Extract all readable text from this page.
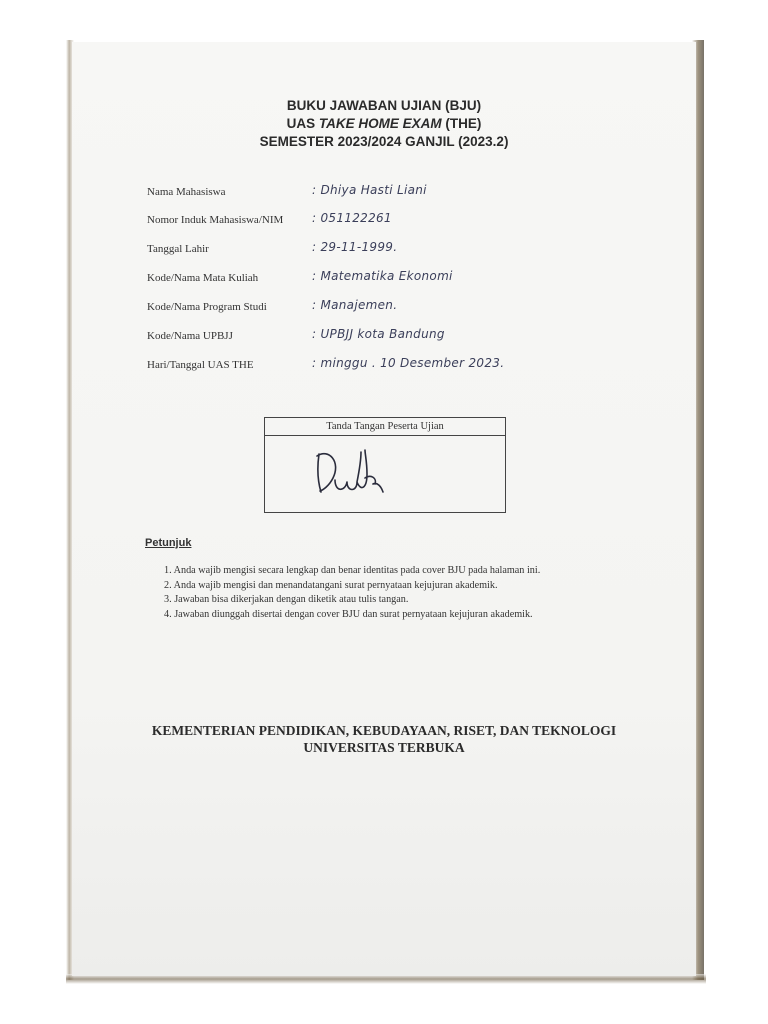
BUKU JAWABAN UJIAN (BJU)
UAS TAKE HOME EXAM (THE)
SEMESTER 2023/2024 GANJIL (2023.2)
Nama Mahasiswa	: Dhiya Hasti Liani
Nomor Induk Mahasiswa/NIM : 051122261
Tanggal Lahir	: 29-11-1999.
Kode/Nama Mata Kuliah	: Matematika Ekonomi
Kode/Nama Program Studi	: Manajemen.
Kode/Nama UPBJJ	: UPBJJ kota Bandung
Hari/Tanggal UAS THE	: minggu . 10 Desember 2023.
Tanda Tangan Peserta Ujian
Petunjuk
1. Anda wajib mengisi secara lengkap dan benar identitas pada cover BJU pada halaman ini.
2. Anda wajib mengisi dan menandatangani surat pernyataan kejujuran akademik.
3. Jawaban bisa dikerjakan dengan diketik atau tulis tangan.
4. Jawaban diunggah disertai dengan cover BJU dan surat pernyataan kejujuran akademik.
KEMENTERIAN PENDIDIKAN, KEBUDAYAAN, RISET, DAN TEKNOLOGI
UNIVERSITAS TERBUKA
